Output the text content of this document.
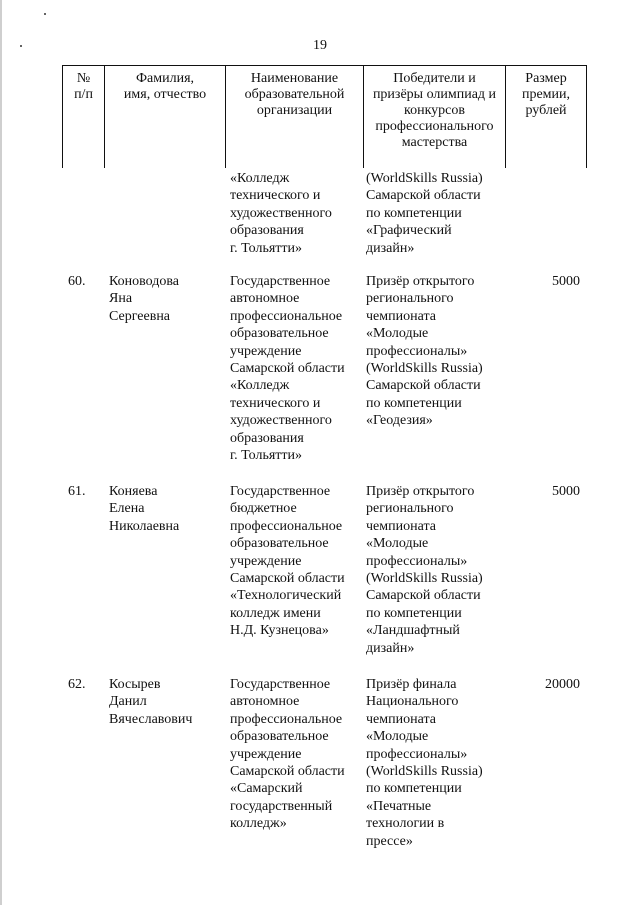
19
№
п/п
Фамилия,
имя, отчество
Наименование
образовательной
организации
Победители и
призёры олимпиад и
конкурсов
профессионального
мастерства
Размер
премии,
рублей
«Колледж
технического и
художественного
образования
г. Тольятти»
(WorldSkills Russia)
Самарской области
по компетенции
«Графический
дизайн»
60. Коноводова
Яна
Сергеевна
Государственное
автономное
профессиональное
образовательное
учреждение
Самарской области
«Колледж
технического и
художественного
образования
г. Тольятти»
Призёр открытого
регионального
чемпионата
«Молодые
профессионалы»
(WorldSkills Russia)
Самарской области
по компетенции
«Геодезия»
5000
61. Коняева
Елена
Николаевна
Государственное
бюджетное
профессиональное
образовательное
учреждение
Самарской области
«Технологический
колледж имени
Н.Д. Кузнецова»
Призёр открытого
регионального
чемпионата
«Молодые
профессионалы»
(WorldSkills Russia)
Самарской области
по компетенции
«Ландшафтный
дизайн»
5000
62. Косырев
Данил
Вячеславович
Государственное
автономное
профессиональное
образовательное
учреждение
Самарской области
«Самарский
государственный
колледж»
Призёр финала
Национального
чемпионата
«Молодые
профессионалы»
(WorldSkills Russia)
по компетенции
«Печатные
технологии в
прессе»
20000
